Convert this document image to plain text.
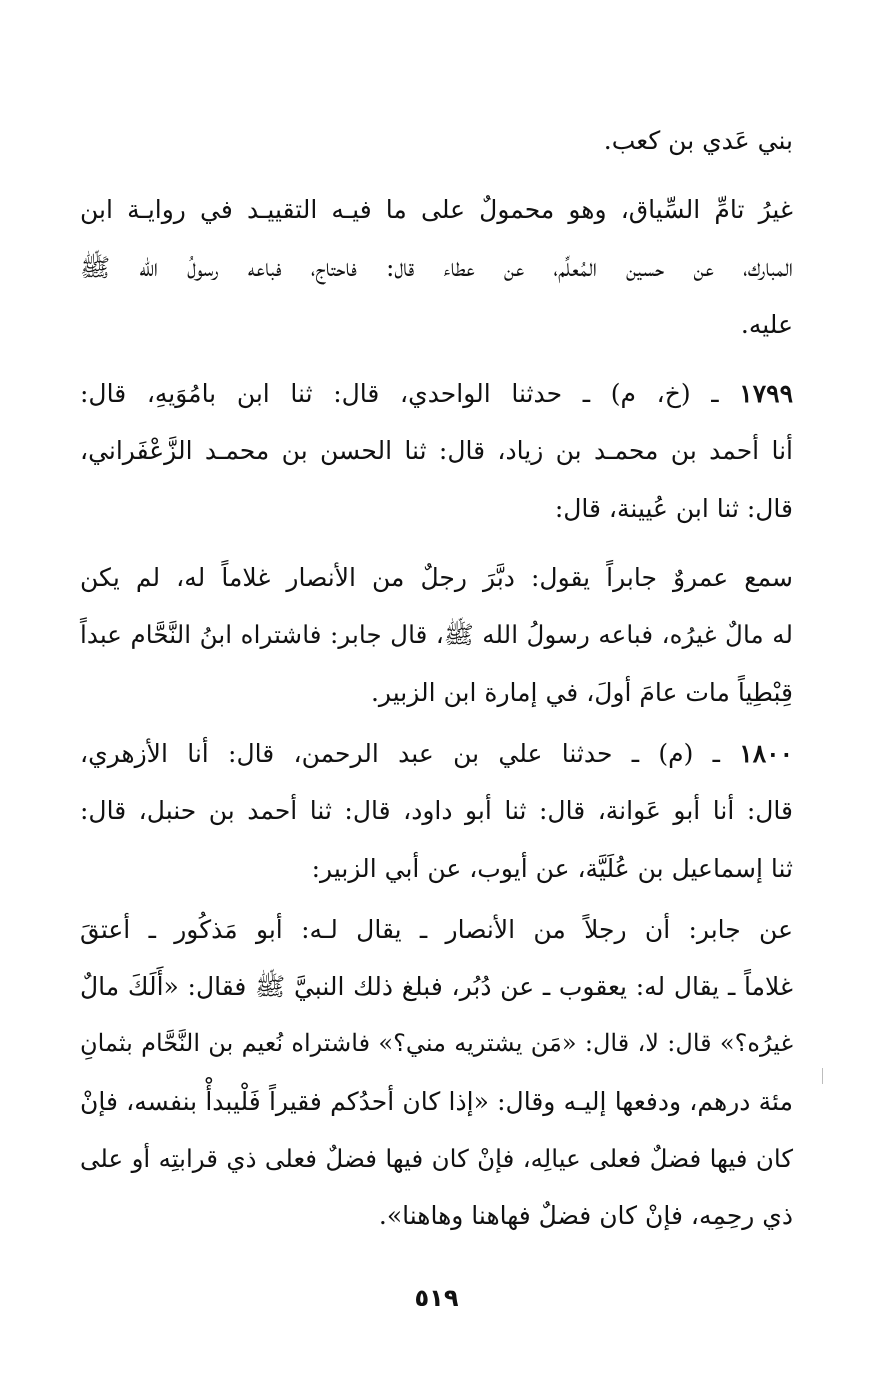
بني عَدي بن كعب.
غيرُ تامِّ السِّياق، وهو محمولٌ على ما فيـه التقييـد في روايـة ابن
المبارك، عن حسين المُعلِّم، عن عطاء قال: فاحتاج، فباعه رسولُ الله ﷺ
عليه.
١٧٩٩ ـ (خ، م) ـ حدثنا الواحدي، قال: ثنا ابن بامُوَيهِ، قال:
أنا أحمد بن محمـد بن زياد، قال: ثنا الحسن بن محمـد الزَّعْفَراني،
قال: ثنا ابن عُيينة، قال:
سمع عمروٌ جابراً يقول: دبَّرَ رجلٌ من الأنصار غلاماً له، لم يكن
له مالٌ غيرُه، فباعه رسولُ الله ﷺ، قال جابر: فاشتراه ابنُ النَّحَّام عبداً
قِبْطِياً مات عامَ أولَ، في إمارة ابن الزبير.
١٨٠٠ ـ (م) ـ حدثنا علي بن عبد الرحمن، قال: أنا الأزهري،
قال: أنا أبو عَوانة، قال: ثنا أبو داود، قال: ثنا أحمد بن حنبل، قال:
ثنا إسماعيل بن عُلَيَّة، عن أيوب، عن أبي الزبير:
عن جابر: أن رجلاً من الأنصار ـ يقال لـه: أبو مَذكُور ـ أعتقَ
غلاماً ـ يقال له: يعقوب ـ عن دُبُر، فبلغ ذلك النبيَّ ﷺ فقال: «أَلَكَ مالٌ
غيرُه؟» قال: لا، قال: «مَن يشتريه مني؟» فاشتراه نُعيم بن النَّحَّام بثمانِ
مئة درهم، ودفعها إليـه وقال: «إذا كان أحدُكم فقيراً فَلْيبدأْ بنفسه، فإنْ
كان فيها فضلٌ فعلى عيالِه، فإنْ كان فيها فضلٌ فعلى ذي قرابتِه أو على
ذي رحِمِه، فإنْ كان فضلٌ فهاهنا وهاهنا».
٥١٩
